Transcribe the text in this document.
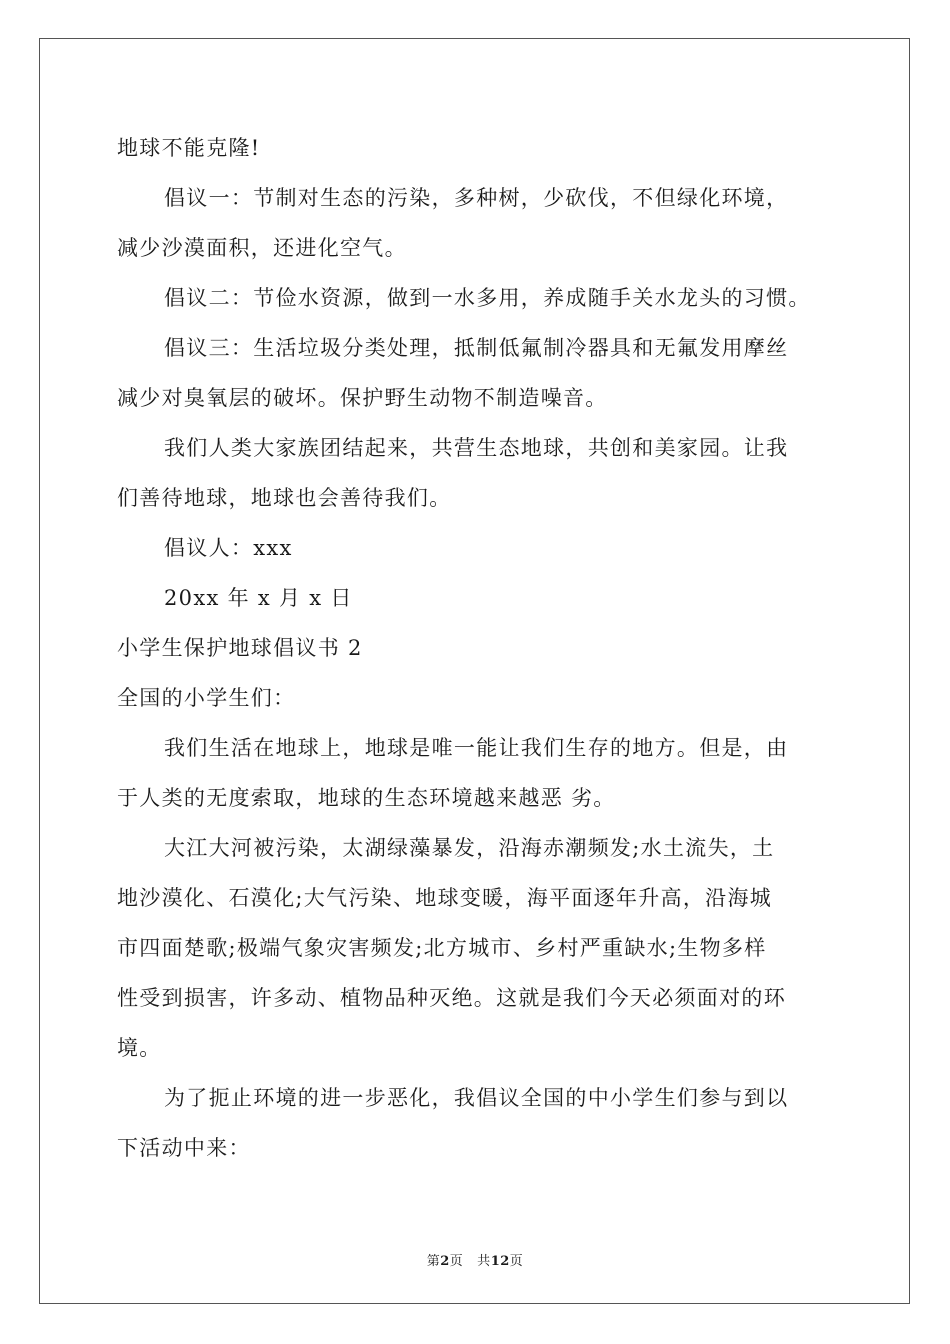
地球不能克隆!
倡议一：节制对生态的污染，多种树，少砍伐，不但绿化环境，
减少沙漠面积，还进化空气。
倡议二：节俭水资源，做到一水多用，养成随手关水龙头的习惯。
倡议三：生活垃圾分类处理，抵制低氟制冷器具和无氟发用摩丝
减少对臭氧层的破坏。保护野生动物不制造噪音。
我们人类大家族团结起来，共营生态地球，共创和美家园。让我
们善待地球，地球也会善待我们。
倡议人：xxx
20xx 年 x 月 x 日
小学生保护地球倡议书 2
全国的小学生们：
我们生活在地球上，地球是唯一能让我们生存的地方。但是，由
于人类的无度索取，地球的生态环境越来越恶 劣。
大江大河被污染，太湖绿藻暴发，沿海赤潮频发;水土流失，土
地沙漠化、石漠化;大气污染、地球变暖，海平面逐年升高，沿海城
市四面楚歌;极端气象灾害频发;北方城市、乡村严重缺水;生物多样
性受到损害，许多动、植物品种灭绝。这就是我们今天必须面对的环
境。
为了扼止环境的进一步恶化，我倡议全国的中小学生们参与到以
下活动中来：
第2页 共12页
